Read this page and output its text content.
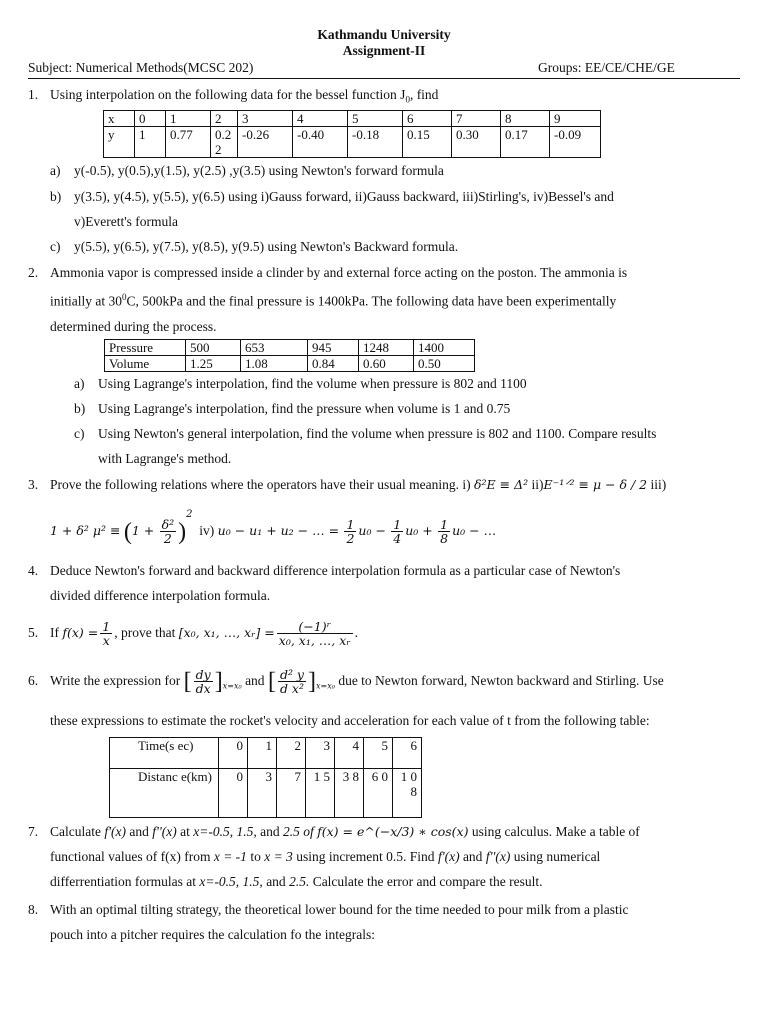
Kathmandu University
Assignment-II
Subject: Numerical Methods(MCSC 202)	Groups: EE/CE/CHE/GE
1. Using interpolation on the following data for the bessel function $J_0$, find
x	0	1	2	3	4	5	6	7	8	9
y	1	0.77	0.2 2	-0.26	-0.40	-0.18	0.15	0.30	0.17	-0.09
a)	y(-0.5), y(0.5),y(1.5), y(2.5) ,y(3.5) using Newton's forward formula
b) y(3.5), y(4.5), y(5.5), y(6.5) using i)Gauss forward, ii)Gauss backward, iii)Stirling's, iv)Bessel's and
v)Everett's formula
c)	y(5.5), y(6.5), y(7.5), y(8.5), y(9.5) using Newton's Backward formula.
2. Ammonia vapor is compressed inside a clinder by and external force acting on the poston. The ammonia is
initially at $30^0C$, 500kPa and the final pressure is 1400kPa. The following data have been experimentally
determined during the process.
Pressure	500	653	945	1248	1400
Volume	1.25	1.08	0.84	0.60	0.50
a)	Using Lagrange's interpolation, find the volume when pressure is 802 and 1100
b) Using Lagrange's interpolation, find the pressure when volume is 1 and 0.75
c)	Using Newton's general interpolation, find the volume when pressure is 802 and 1100. Compare results
with Lagrange's method.
3. Prove the following relations where the operators have their usual meaning. i) δ²E ≡ Δ² ii)E⁻¹ᐟ² ≡ μ − δ / 2 iii)
1 + δ² $\mu^2 \equiv (1 + \frac{\text{δ²}}{2} )^2$  iv) u₀ − u₁ + u₂ − … = $\frac{1}{2} u_0 - \frac{1}{4} u_0 + \frac{1}{8} u_0$ − …
4. Deduce Newton's forward and backward difference interpolation formula as a particular case of Newton's
divided difference interpolation formula.
5. If $f(x) = \frac{1}{x}$ , prove that [x₀, x₁, …, xᵣ] = $\frac{\text{(−1)ʳ}}{\text{x₀, x₁, …, xᵣ}}$ .
6. Write the expression for [ $\frac{dy}{dx} ]_{x=x_0}$ and [ $\frac{\text{d² y}}{\text{d x²}} ]_{x=x_0}$ due to Newton forward, Newton backward and Stirling. Use
these expressions to estimate the rocket's velocity and acceleration for each value of t from the following table:
Time(s ec)	0	1	2	3	4	5	6
Distanc e(km)	0	3	7	1 5	3 8	6 0	1 0 8
7. Calculate f'(x) and f''(x) at x=-0.5, 1.5, and 2.5 of f(x) = e^(−x/3) ∗ cos(x) using calculus. Make a table of
functional values of f(x) from x = -1 to x = 3 using increment 0.5. Find f'(x) and f''(x) using numerical
differrentiation formulas at x=-0.5, 1.5, and 2.5. Calculate the error and compare the result.
8. With an optimal tilting strategy, the theoretical lower bound for the time needed to pour milk from a plastic
pouch into a pitcher requires the calculation fo the integrals:
